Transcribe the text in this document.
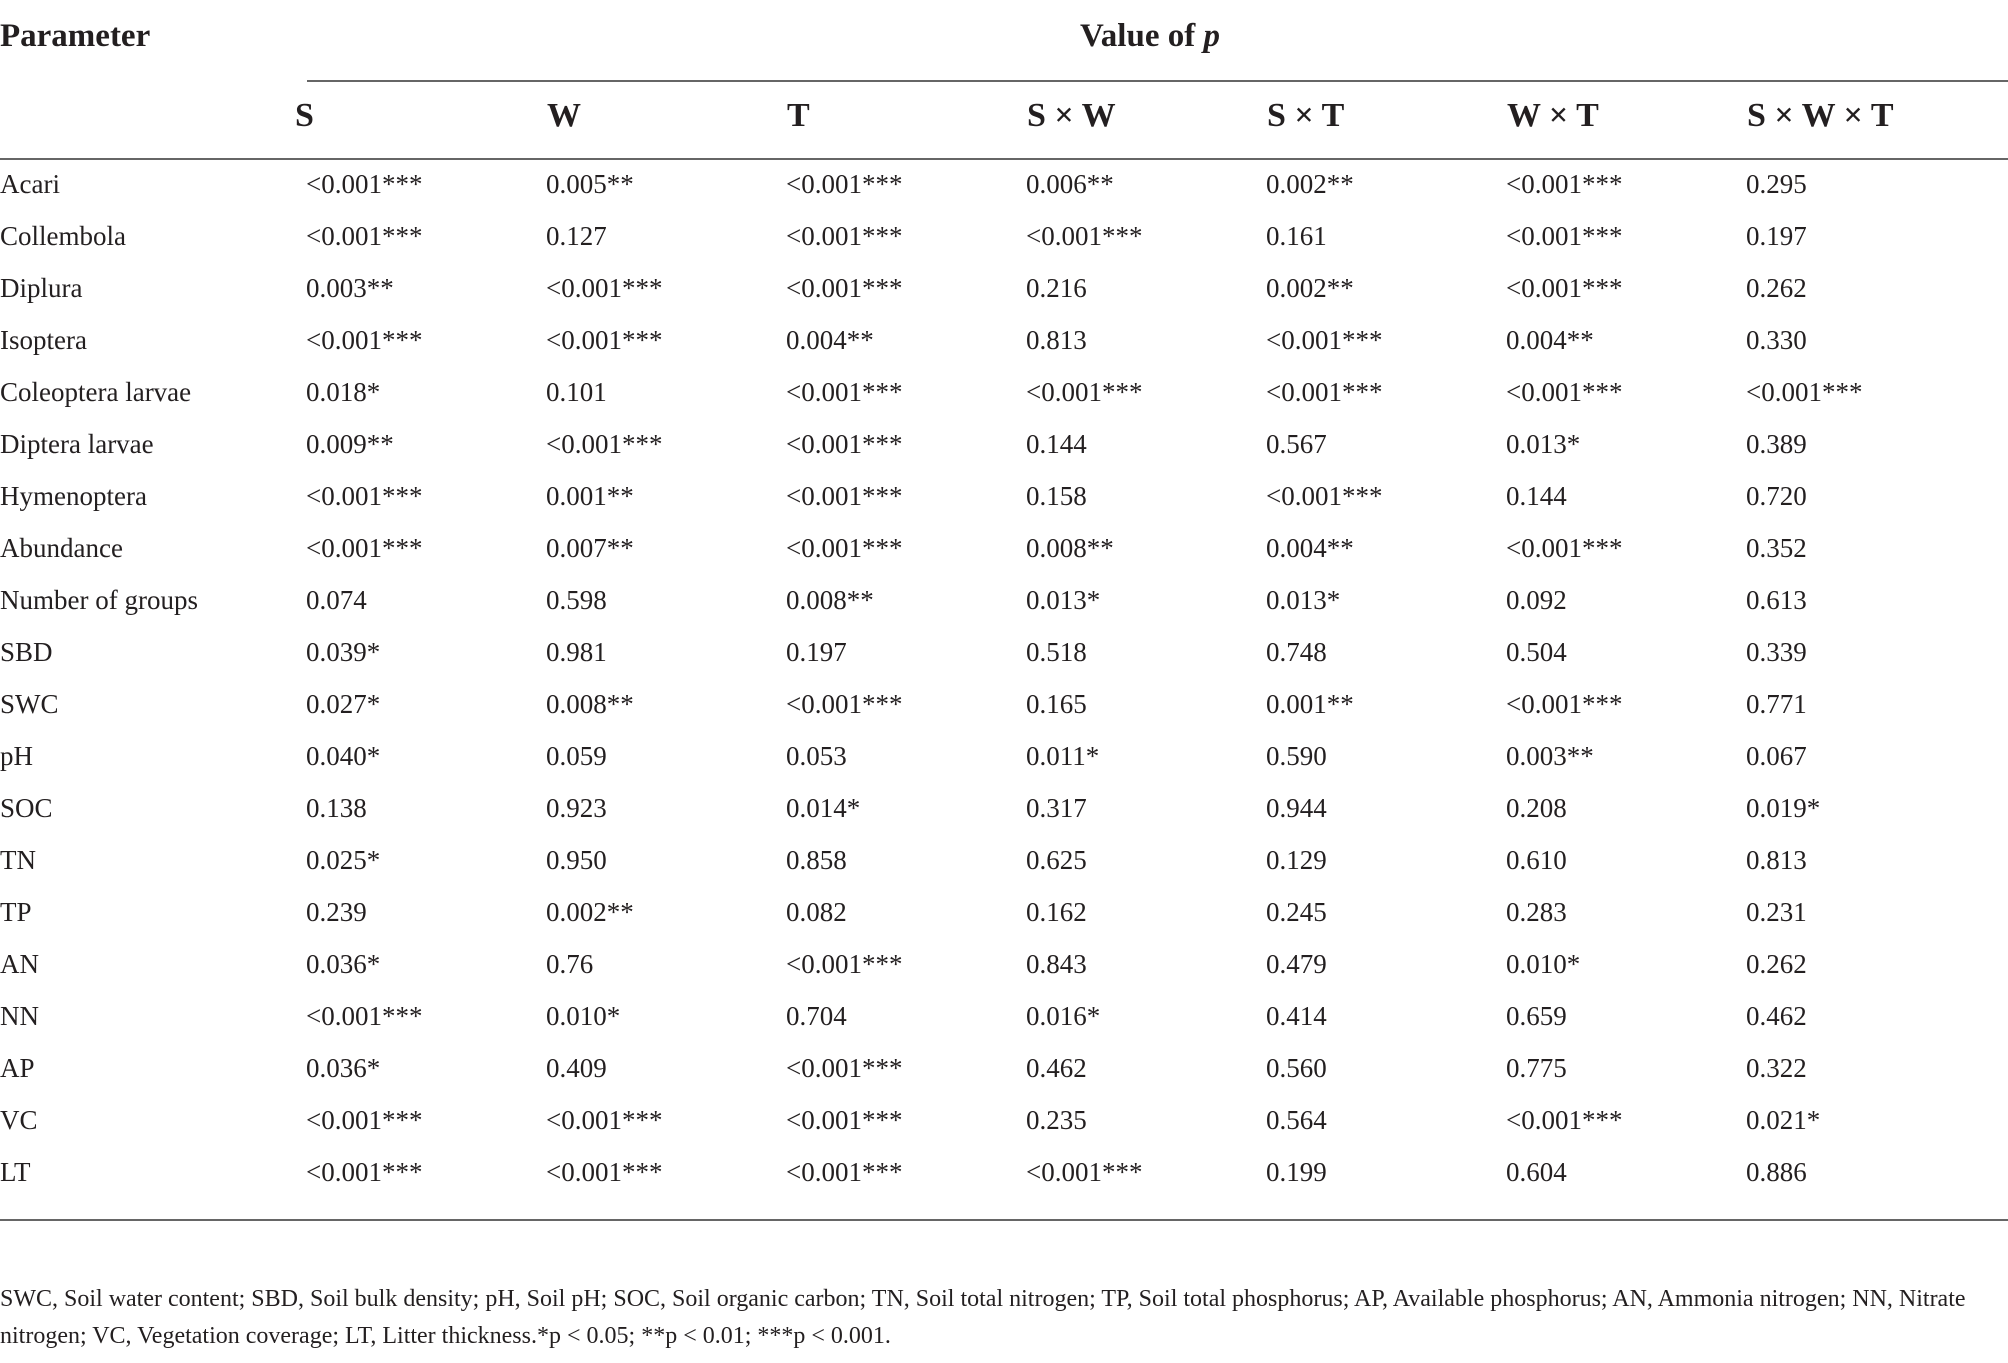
Parameter	Value of p
S	W	T	S × W	S × T	W × T	S × W × T
Acari	<0.001***	0.005**	<0.001***	0.006**	0.002**	<0.001***	0.295
Collembola	<0.001***	0.127	<0.001***	<0.001***	0.161	<0.001***	0.197
Diplura	0.003**	<0.001***	<0.001***	0.216	0.002**	<0.001***	0.262
Isoptera	<0.001***	<0.001***	0.004**	0.813	<0.001***	0.004**	0.330
Coleoptera larvae	0.018*	0.101	<0.001***	<0.001***	<0.001***	<0.001***	<0.001***
Diptera larvae	0.009**	<0.001***	<0.001***	0.144	0.567	0.013*	0.389
Hymenoptera	<0.001***	0.001**	<0.001***	0.158	<0.001***	0.144	0.720
Abundance	<0.001***	0.007**	<0.001***	0.008**	0.004**	<0.001***	0.352
Number of groups	0.074	0.598	0.008**	0.013*	0.013*	0.092	0.613
SBD	0.039*	0.981	0.197	0.518	0.748	0.504	0.339
SWC	0.027*	0.008**	<0.001***	0.165	0.001**	<0.001***	0.771
pH	0.040*	0.059	0.053	0.011*	0.590	0.003**	0.067
SOC	0.138	0.923	0.014*	0.317	0.944	0.208	0.019*
TN	0.025*	0.950	0.858	0.625	0.129	0.610	0.813
TP	0.239	0.002**	0.082	0.162	0.245	0.283	0.231
AN	0.036*	0.76	<0.001***	0.843	0.479	0.010*	0.262
NN	<0.001***	0.010*	0.704	0.016*	0.414	0.659	0.462
AP	0.036*	0.409	<0.001***	0.462	0.560	0.775	0.322
VC	<0.001***	<0.001***	<0.001***	0.235	0.564	<0.001***	0.021*
LT	<0.001***	<0.001***	<0.001***	<0.001***	0.199	0.604	0.886
SWC, Soil water content; SBD, Soil bulk density; pH, Soil pH; SOC, Soil organic carbon; TN, Soil total nitrogen; TP, Soil total phosphorus; AP, Available phosphorus; AN, Ammonia nitrogen; NN, Nitrate nitrogen; VC, Vegetation coverage; LT, Litter thickness.*p < 0.05; **p < 0.01; ***p < 0.001.
